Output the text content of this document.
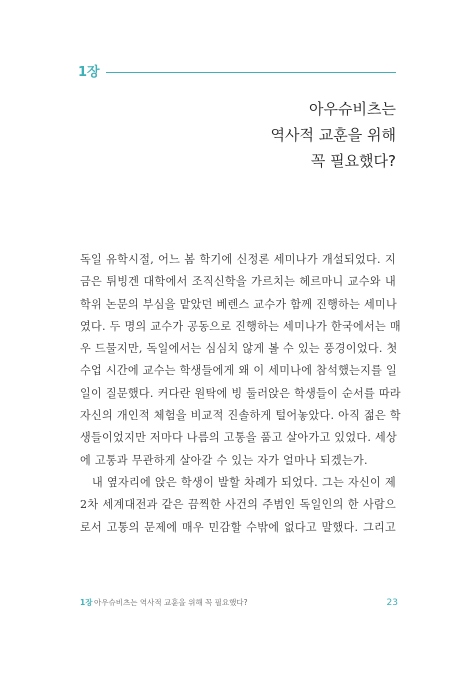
1장
아우슈비츠는
역사적 교훈을 위해
꼭 필요했다?
독일 유학시절, 어느 봄 학기에 신정론 세미나가 개설되었다. 지
금은 튀빙겐 대학에서 조직신학을 가르치는 헤르마니 교수와 내
학위 논문의 부심을 맡았던 베렌스 교수가 함께 진행하는 세미나
였다. 두 명의 교수가 공동으로 진행하는 세미나가 한국에서는 매
우 드물지만, 독일에서는 심심치 않게 볼 수 있는 풍경이었다. 첫
수업 시간에 교수는 학생들에게 왜 이 세미나에 참석했는지를 일
일이 질문했다. 커다란 원탁에 빙 둘러앉은 학생들이 순서를 따라
자신의 개인적 체험을 비교적 진솔하게 털어놓았다. 아직 젊은 학
생들이었지만 저마다 나름의 고통을 품고 살아가고 있었다. 세상
에 고통과 무관하게 살아갈 수 있는 자가 얼마나 되겠는가.
내 옆자리에 앉은 학생이 발할 차례가 되었다. 그는 자신이 제
2차 세계대전과 같은 끔찍한 사건의 주범인 독일인의 한 사람으
로서 고통의 문제에 매우 민감할 수밖에 없다고 말했다. 그리고
1장 아우슈비츠는 역사적 교훈을 위해 꼭 필요했다?	23
